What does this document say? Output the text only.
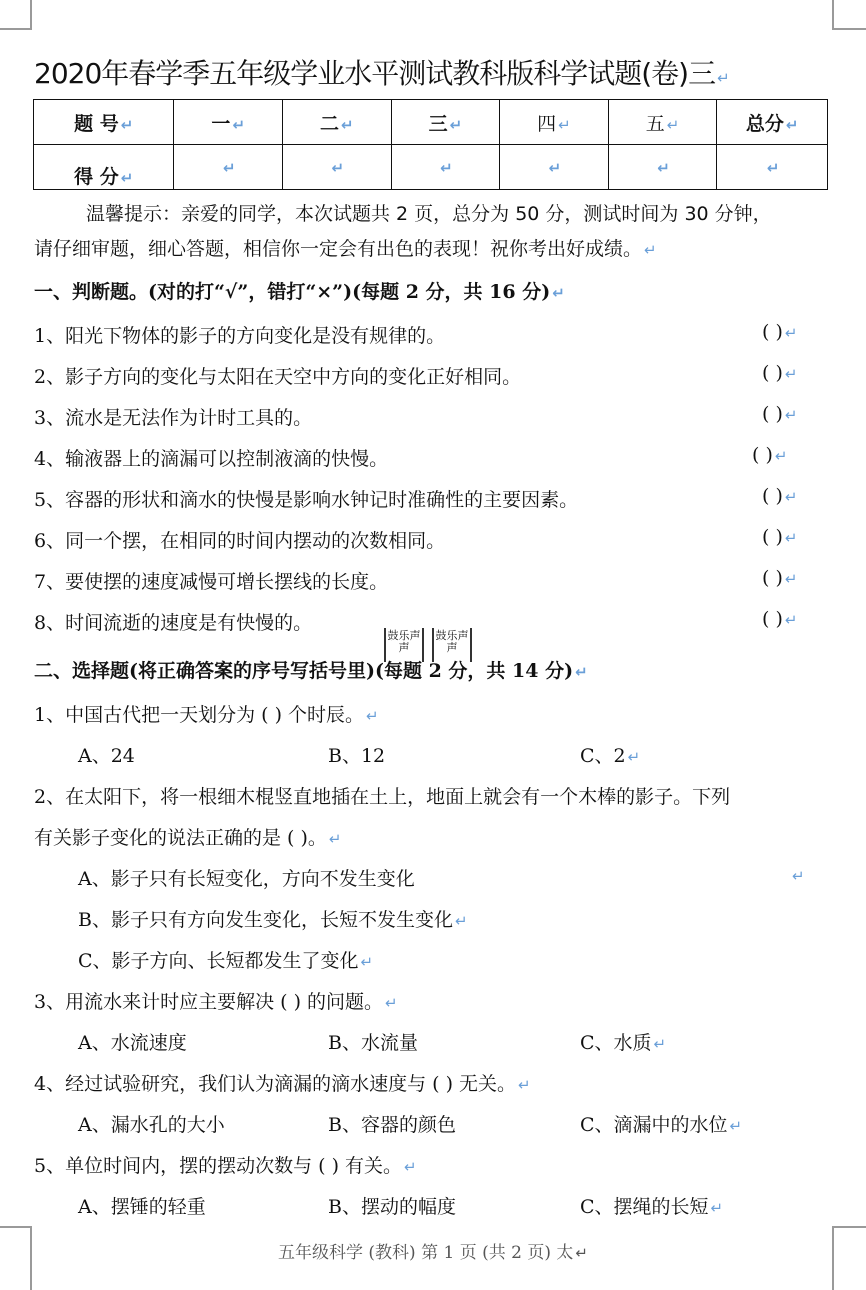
2020年春学季五年级学业水平测试教科版科学试题(卷)三 ↵
题 号 ↵	一 ↵	二 ↵	三 ↵	四 ↵	五 ↵	总分 ↵
得 分 ↵	↵	↵	↵	↵	↵	↵
温馨提示：亲爱的同学，本次试题共 2 页，总分为 50 分，测试时间为 30 分钟，
请仔细审题，细心答题，相信你一定会有出色的表现！祝你考出好成绩。 ↵
一、判断题。(对的打“√”，错打“×”)(每题 2 分，共 16 分) ↵
1、阳光下物体的影子的方向变化是没有规律的。	( ) ↵
2、影子方向的变化与太阳在天空中方向的变化正好相同。	( ) ↵
3、流水是无法作为计时工具的。	( ) ↵
4、输液器上的滴漏可以控制液滴的快慢。	( ) ↵
5、容器的形状和滴水的快慢是影响水钟记时准确性的主要因素。	( ) ↵
6、同一个摆，在相同的时间内摆动的次数相同。	( ) ↵
7、要使摆的速度减慢可增长摆线的长度。	( ) ↵
8、时间流逝的速度是有快慢的。	( ) ↵
鼓乐声声
鼓乐声声
二、选择题(将正确答案的序号写括号里)(每题 2 分，共 14 分) ↵
1、中国古代把一天划分为 ( ) 个时辰。 ↵
A、24	B、12	C、2 ↵
2、在太阳下，将一根细木棍竖直地插在土上，地面上就会有一个木棒的影子。下列
有关影子变化的说法正确的是 ( )。 ↵
A、影子只有长短变化，方向不发生变化	↵
B、影子只有方向发生变化，长短不发生变化 ↵
C、影子方向、长短都发生了变化 ↵
3、用流水来计时应主要解决 ( ) 的问题。 ↵
A、水流速度	B、水流量	C、水质 ↵
4、经过试验研究，我们认为滴漏的滴水速度与 ( ) 无关。 ↵
A、漏水孔的大小	B、容器的颜色	C、滴漏中的水位 ↵
5、单位时间内，摆的摆动次数与 ( ) 有关。 ↵
A、摆锤的轻重	B、摆动的幅度	C、摆绳的长短 ↵
五年级科学 (教科) 第 1 页 (共 2 页) 太 ↵
